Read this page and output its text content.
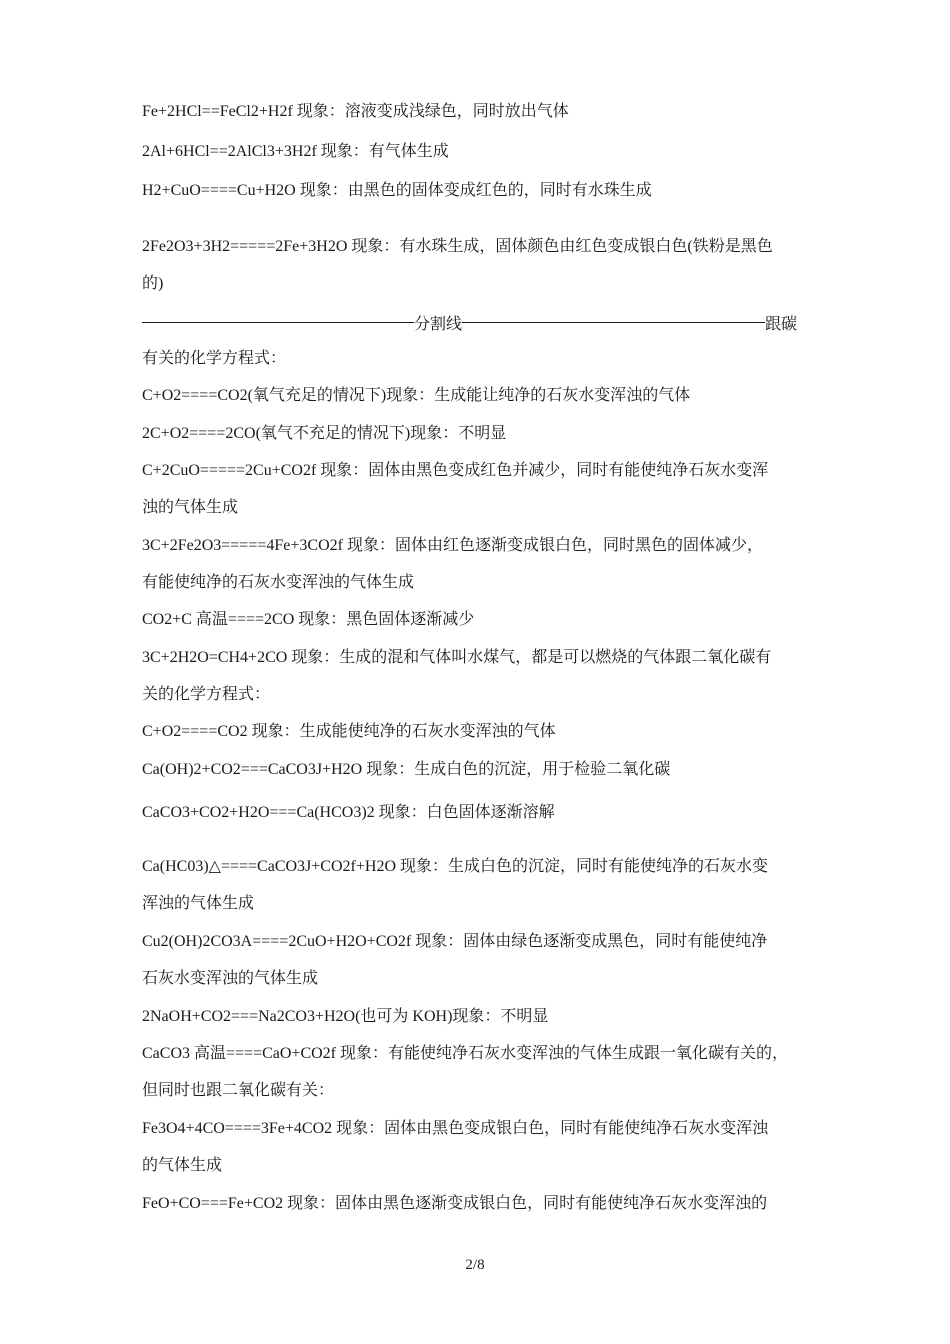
Fe+2HCl==FeCl2+H2f 现象：溶液变成浅绿色，同时放出气体
2Al+6HCl==2AlCl3+3H2f 现象：有气体生成
H2+CuO====Cu+H2O 现象：由黑色的固体变成红色的，同时有水珠生成
2Fe2O3+3H2=====2Fe+3H2O 现象：有水珠生成，固体颜色由红色变成银白色(铁粉是黑色
的)
分割线	跟碳
有关的化学方程式：
C+O2====CO2(氧气充足的情况下)现象：生成能让纯净的石灰水变浑浊的气体
2C+O2====2CO(氧气不充足的情况下)现象：不明显
C+2CuO=====2Cu+CO2f 现象：固体由黑色变成红色并减少，同时有能使纯净石灰水变浑
浊的气体生成
3C+2Fe2O3=====4Fe+3CO2f 现象：固体由红色逐渐变成银白色，同时黑色的固体减少，
有能使纯净的石灰水变浑浊的气体生成
CO2+C 高温====2CO 现象：黑色固体逐渐减少
3C+2H2O=CH4+2CO 现象：生成的混和气体叫水煤气，都是可以燃烧的气体跟二氧化碳有
关的化学方程式：
C+O2====CO2 现象：生成能使纯净的石灰水变浑浊的气体
Ca(OH)2+CO2===CaCO3J+H2O 现象：生成白色的沉淀，用于检验二氧化碳
CaCO3+CO2+H2O===Ca(HCO3)2 现象：白色固体逐渐溶解
Ca(HC03)△====CaCO3J+CO2f+H2O 现象：生成白色的沉淀，同时有能使纯净的石灰水变
浑浊的气体生成
Cu2(OH)2CO3A====2CuO+H2O+CO2f 现象：固体由绿色逐渐变成黑色，同时有能使纯净
石灰水变浑浊的气体生成
2NaOH+CO2===Na2CO3+H2O(也可为 KOH)现象：不明显
CaCO3 高温====CaO+CO2f 现象：有能使纯净石灰水变浑浊的气体生成跟一氧化碳有关的，
但同时也跟二氧化碳有关：
Fe3O4+4CO====3Fe+4CO2 现象：固体由黑色变成银白色，同时有能使纯净石灰水变浑浊
的气体生成
FeO+CO===Fe+CO2 现象：固体由黑色逐渐变成银白色，同时有能使纯净石灰水变浑浊的
2/8
